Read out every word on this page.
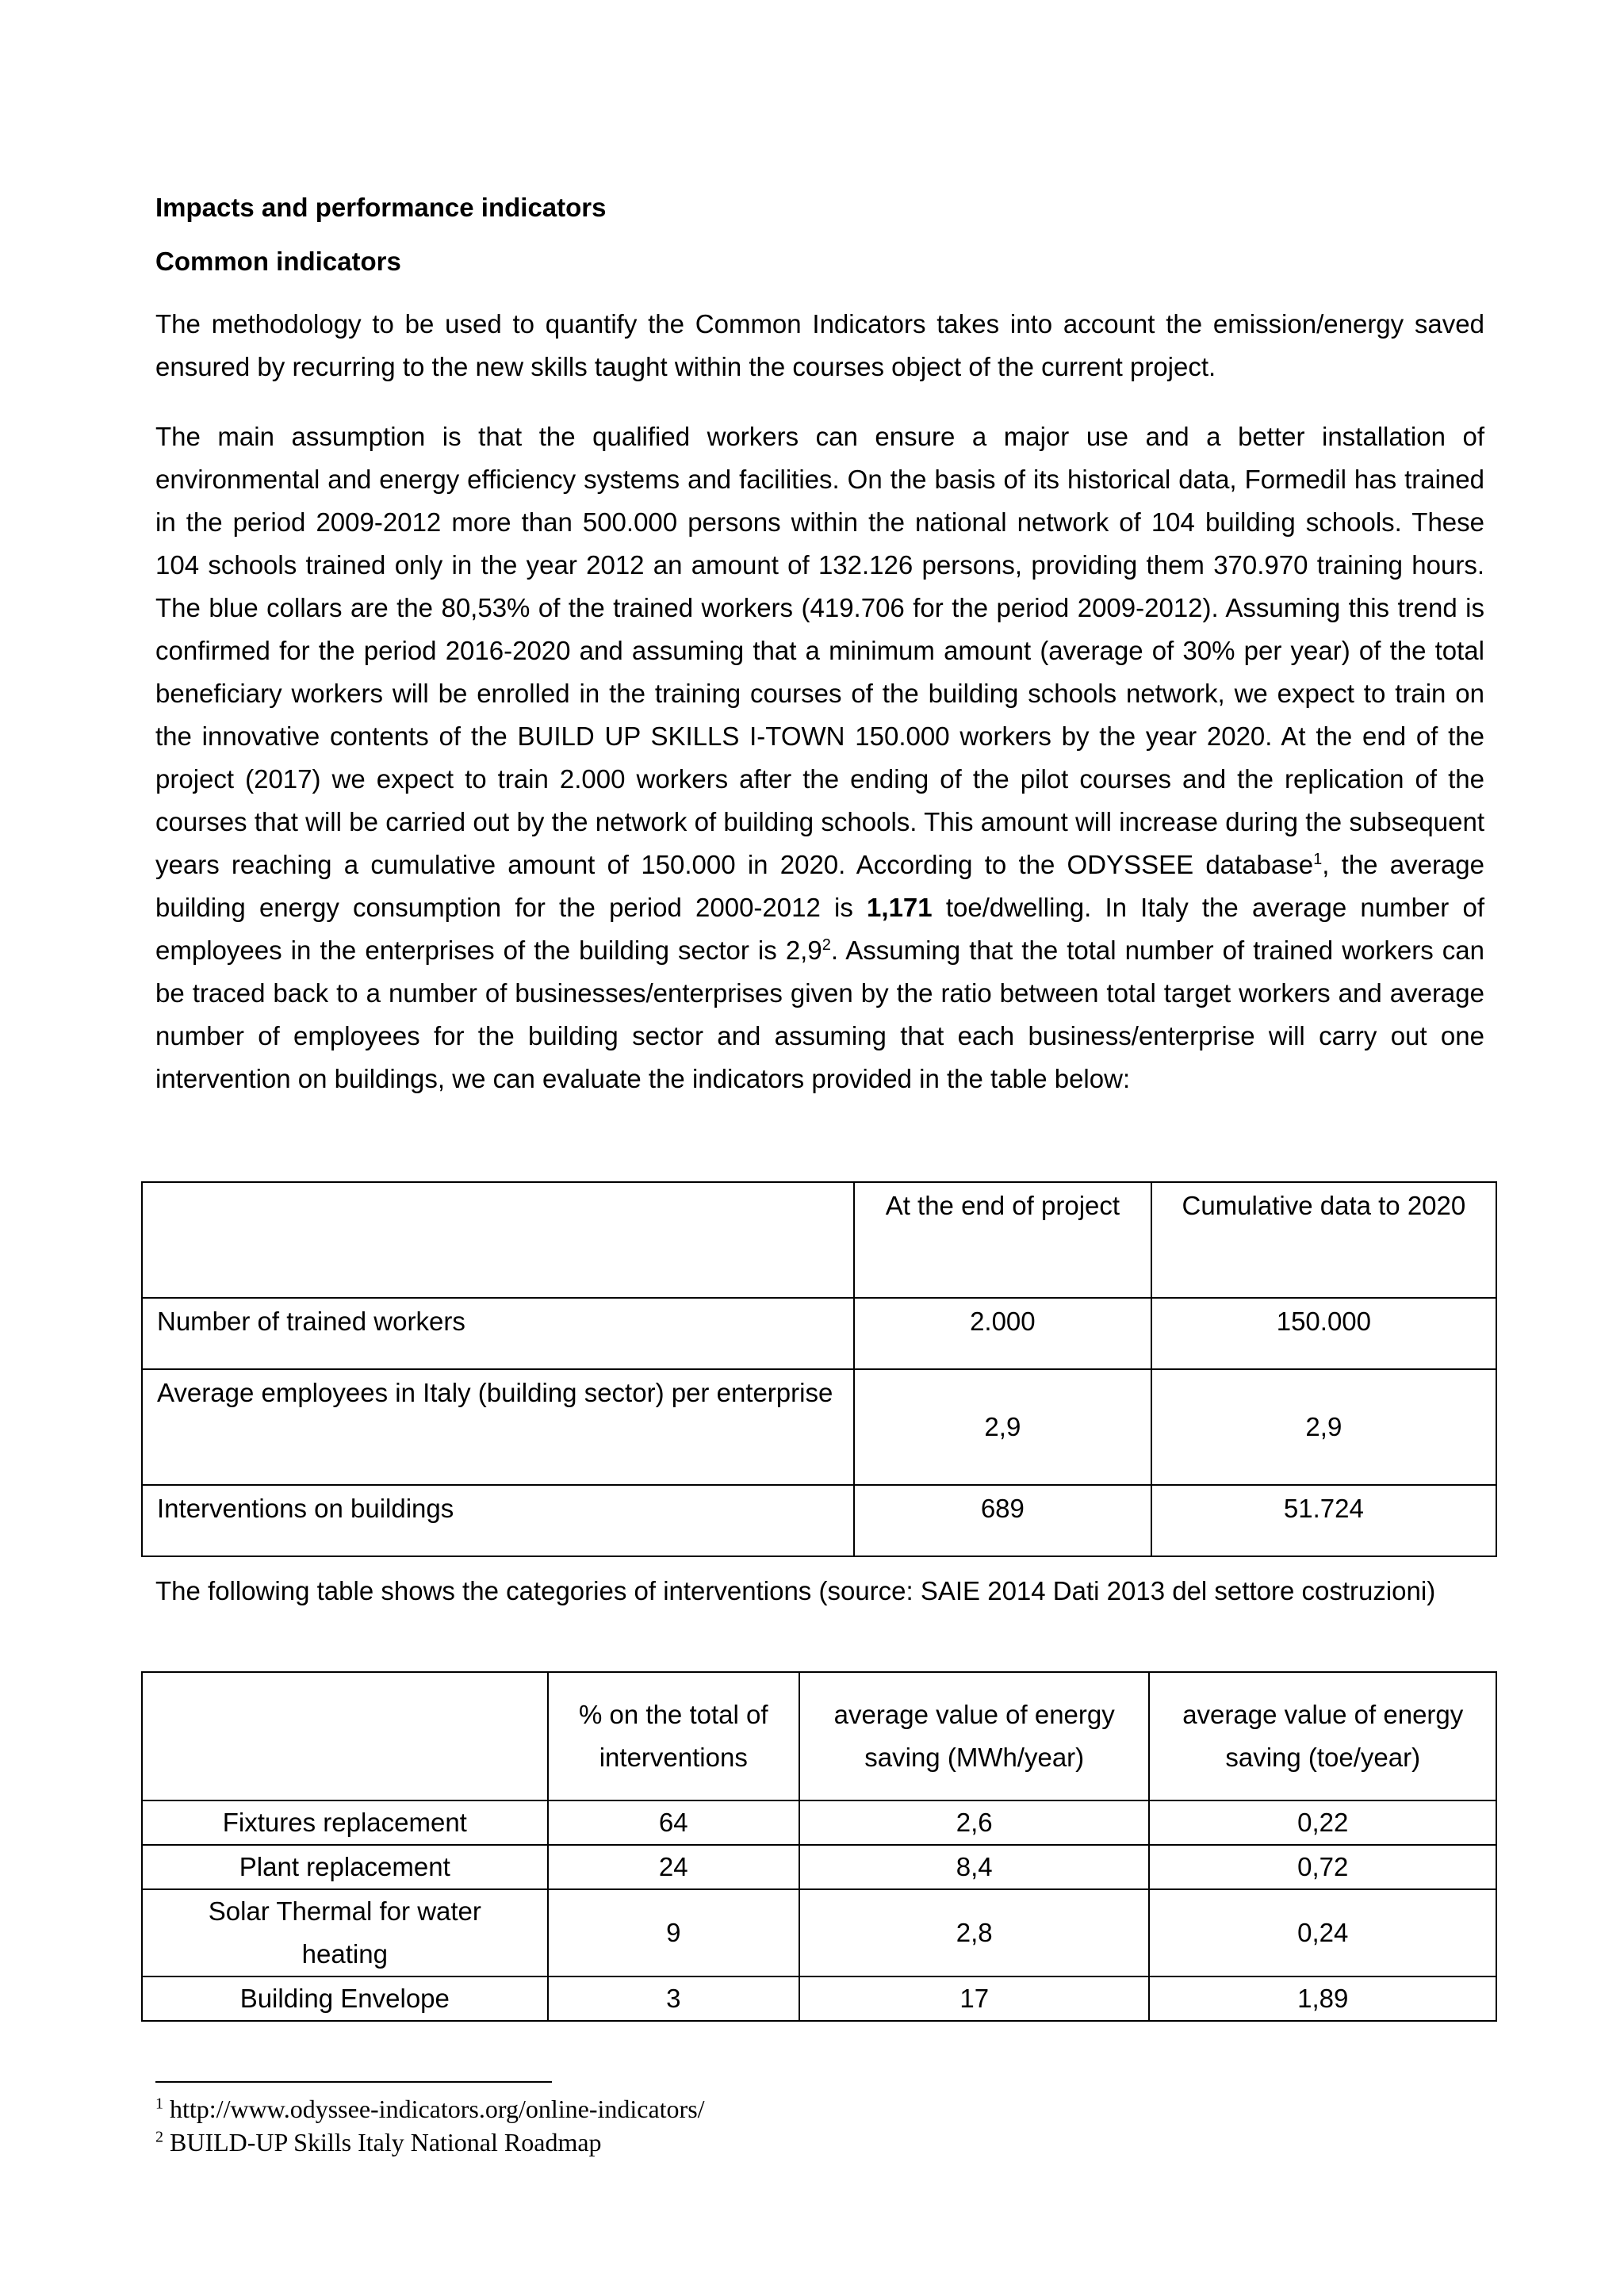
Impacts and performance indicators

Common indicators

The methodology to be used to quantify the Common Indicators takes into account the emission/energy saved ensured by recurring to the new skills taught within the courses object of the current project.

The main assumption is that the qualified workers can ensure a major use and a better installation of environmental and energy efficiency systems and facilities. On the basis of its historical data, Formedil has trained in the period 2009-2012 more than 500.000 persons within the national network of 104 building schools. These 104 schools trained only in the year 2012 an amount of 132.126 persons, providing them 370.970 training hours. The blue collars are the 80,53% of the trained workers (419.706 for the period 2009-2012). Assuming this trend is confirmed for the period 2016-2020 and assuming that a minimum amount (average of 30% per year) of the total beneficiary workers will be enrolled in the training courses of the building schools network, we expect to train on the innovative contents of the BUILD UP SKILLS I-TOWN 150.000 workers by the year 2020. At the end of the project (2017) we expect to train 2.000 workers after the ending of the pilot courses and the replication of the courses that will be carried out by the network of building schools. This amount will increase during the subsequent years reaching a cumulative amount of 150.000 in 2020. According to the ODYSSEE database$^1$, the average building energy consumption for the period 2000-2012 is 1,171 toe/dwelling. In Italy the average number of employees in the enterprises of the building sector is $2,9^2$. Assuming that the total number of trained workers can be traced back to a number of businesses/enterprises given by the ratio between total target workers and average number of employees for the building sector and assuming that each business/enterprise will carry out one intervention on buildings, we can evaluate the indicators provided in the table below:

	At the end of project	Cumulative data to 2020
Number of trained workers	2.000	150.000
Average employees in Italy (building sector) per enterprise	2,9	2,9
Interventions on buildings	689	51.724

The following table shows the categories of interventions (source: SAIE 2014 Dati 2013 del settore costruzioni)

	% on the total of interventions	average value of energy saving (MWh/year)	average value of energy saving (toe/year)
Fixtures replacement	64	2,6	0,22
Plant replacement	24	8,4	0,72
Solar Thermal for water heating	9	2,8	0,24
Building Envelope	3	17	1,89

$^1$ http://www.odyssee-indicators.org/online-indicators/

$^2$ BUILD-UP Skills Italy National Roadmap
